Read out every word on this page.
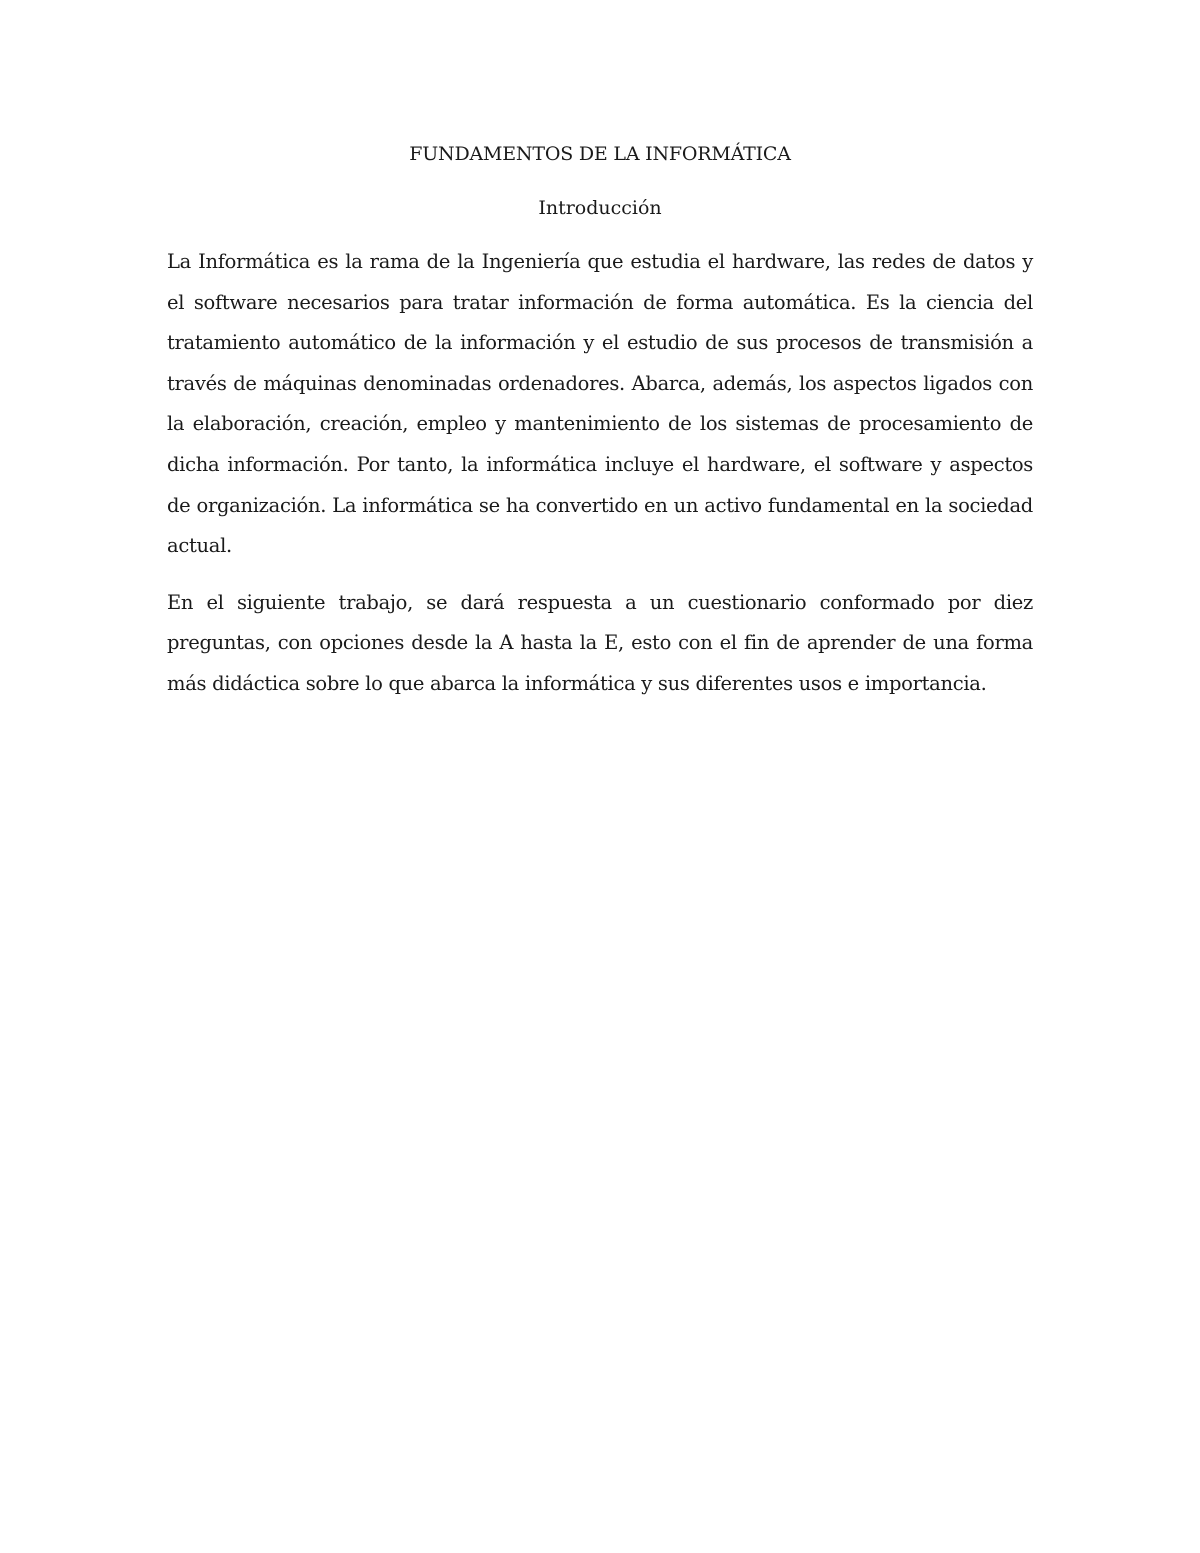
FUNDAMENTOS DE LA INFORMÁTICA
Introducción

La Informática es la rama de la Ingeniería que estudia el hardware, las redes de datos y el software necesarios para tratar información de forma automática. Es la ciencia del tratamiento automático de la información y el estudio de sus procesos de transmisión a través de máquinas denominadas ordenadores. Abarca, además, los aspectos ligados con la elaboración, creación, empleo y mantenimiento de los sistemas de procesamiento de dicha información. Por tanto, la informática incluye el hardware, el software y aspectos de organización. La informática se ha convertido en un activo fundamental en la sociedad actual.

En el siguiente trabajo, se dará respuesta a un cuestionario conformado por diez preguntas, con opciones desde la A hasta la E, esto con el fin de aprender de una forma más didáctica sobre lo que abarca la informática y sus diferentes usos e importancia.
